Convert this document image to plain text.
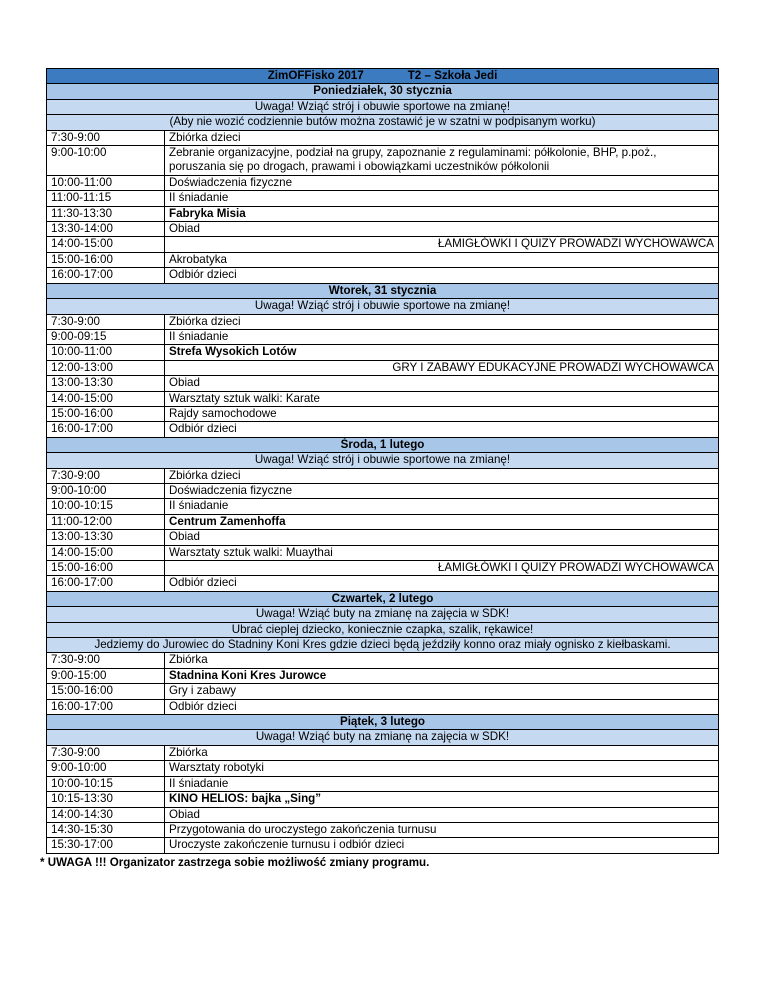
ZimOFFisko 2017 T2 – Szkoła Jedi	
Poniedziałek, 30 stycznia	
Uwaga! Wziąć strój i obuwie sportowe na zmianę!	
(Aby nie wozić codziennie butów można zostawić je w szatni w podpisanym worku)	
7:30-9:00	Zbiórka dzieci
9:00-10:00	Zebranie organizacyjne, podział na grupy, zapoznanie z regulaminami: półkolonie, BHP, p.poż., poruszania się po drogach, prawami i obowiązkami uczestników półkolonii
10:00-11:00	Doświadczenia fizyczne
11:00-11:15	II śniadanie
11:30-13:30	Fabryka Misia
13:30-14:00	Obiad
14:00-15:00	ŁAMIGŁÓWKI I QUIZY PROWADZI WYCHOWAWCA
15:00-16:00	Akrobatyka
16:00-17:00	Odbiór dzieci
Wtorek, 31 stycznia	
Uwaga! Wziąć strój i obuwie sportowe na zmianę!	
7:30-9:00	Zbiórka dzieci
9:00-09:15	II śniadanie
10:00-11:00	Strefa Wysokich Lotów
12:00-13:00	GRY I ZABAWY EDUKACYJNE PROWADZI WYCHOWAWCA
13:00-13:30	Obiad
14:00-15:00	Warsztaty sztuk walki: Karate
15:00-16:00	Rajdy samochodowe
16:00-17:00	Odbiór dzieci
Środa, 1 lutego	
Uwaga! Wziąć strój i obuwie sportowe na zmianę!	
7:30-9:00	Zbiórka dzieci
9:00-10:00	Doświadczenia fizyczne
10:00-10:15	II śniadanie
11:00-12:00	Centrum Zamenhoffa
13:00-13:30	Obiad
14:00-15:00	Warsztaty sztuk walki: Muaythai
15:00-16:00	ŁAMIGŁÓWKI I QUIZY PROWADZI WYCHOWAWCA
16:00-17:00	Odbiór dzieci
Czwartek, 2 lutego	
Uwaga! Wziąć buty na zmianę na zajęcia w SDK!	
Ubrać cieplej dziecko, koniecznie czapka, szalik, rękawice!	
Jedziemy do Jurowiec do Stadniny Koni Kres gdzie dzieci będą jeździły konno oraz miały ognisko z kiełbaskami.	
7:30-9:00	Zbiórka
9:00-15:00	Stadnina Koni Kres Jurowce
15:00-16:00	Gry i zabawy
16:00-17:00	Odbiór dzieci
Piątek, 3 lutego	
Uwaga! Wziąć buty na zmianę na zajęcia w SDK!	
7:30-9:00	Zbiórka
9:00-10:00	Warsztaty robotyki
10:00-10:15	II śniadanie
10:15-13:30	KINO HELIOS: bajka „Sing”
14:00-14:30	Obiad
14:30-15:30	Przygotowania do uroczystego zakończenia turnusu
15:30-17:00	Uroczyste zakończenie turnusu i odbiór dzieci
* UWAGA !!! Organizator zastrzega sobie możliwość zmiany programu.
